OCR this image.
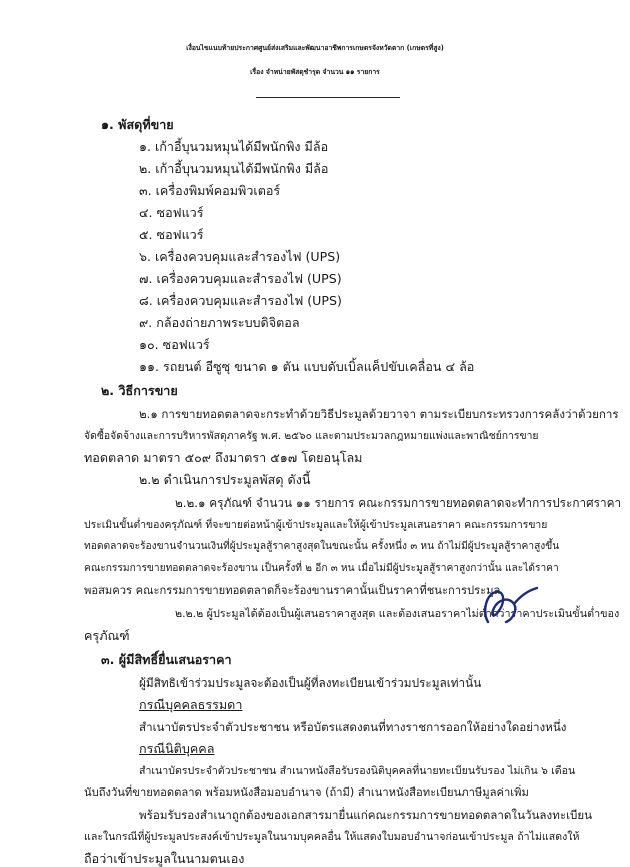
เงื่อนไขแนบท้ายประกาศศูนย์ส่งเสริมและพัฒนาอาชีพการเกษตรจังหวัดตาก (เกษตรที่สูง)
เรื่อง จำหน่ายพัสดุชำรุด จำนวน ๑๑ รายการ
๑. พัสดุที่ขาย
๑. เก้าอี้บุนวมหมุนได้มีพนักพิง มีล้อ
๒. เก้าอี้บุนวมหมุนได้มีพนักพิง มีล้อ
๓. เครื่องพิมพ์คอมพิวเตอร์
๔. ซอฟแวร์
๕. ซอฟแวร์
๖. เครื่องควบคุมและสำรองไฟ (UPS)
๗. เครื่องควบคุมและสำรองไฟ (UPS)
๘. เครื่องควบคุมและสำรองไฟ (UPS)
๙. กล้องถ่ายภาพระบบดิจิตอล
๑๐. ซอฟแวร์
๑๑. รถยนต์ อีซูซุ ขนาด ๑ ตัน แบบดับเบิ้ลแค็ปขับเคลื่อน ๔ ล้อ
๒. วิธีการขาย
๒.๑ การขายทอดตลาดจะกระทำด้วยวิธีประมูลด้วยวาจา ตามระเบียบกระทรวงการคลังว่าด้วยการ
จัดซื้อจัดจ้างและการบริหารพัสดุภาครัฐ พ.ศ. ๒๕๖๐ และตามประมวลกฎหมายแพ่งและพาณิชย์การขาย
ทอดตลาด มาตรา ๕๐๙ ถึงมาตรา ๕๑๗ โดยอนุโลม
๒.๒ ดำเนินการประมูลพัสดุ ดังนี้
๒.๒.๑ ครุภัณฑ์ จำนวน ๑๑ รายการ คณะกรรมการขายทอดตลาดจะทำการประกาศราคา
ประเมินขั้นต่ำของครุภัณฑ์ ที่จะขายต่อหน้าผู้เข้าประมูลและให้ผู้เข้าประมูลเสนอราคา คณะกรรมการขาย
ทอดตลาดจะร้องขานจำนวนเงินที่ผู้ประมูลสู้ราคาสูงสุดในขณะนั้น ครั้งหนึ่ง ๓ หน ถ้าไม่มีผู้ประมูลสู้ราคาสูงขึ้น
คณะกรรมการขายทอดตลาดจะร้องขาน เป็นครั้งที่ ๒ อีก ๓ หน เมื่อไม่มีผู้ประมูลสู้ราคาสูงกว่านั้น และได้ราคา
พอสมควร คณะกรรมการขายทอดตลาดก็จะร้องขานราคานั้นเป็นราคาที่ชนะการประมูล
๒.๒.๒ ผู้ประมูลได้ต้องเป็นผู้เสนอราคาสูงสุด และต้องเสนอราคาไม่ต่ำกว่าราคาประเมินขั้นต่ำของ
ครุภัณฑ์
๓. ผู้มีสิทธิ์ยื่นเสนอราคา
ผู้มีสิทธิเข้าร่วมประมูลจะต้องเป็นผู้ที่ลงทะเบียนเข้าร่วมประมูลเท่านั้น
กรณีบุคคลธรรมดา
สำเนาบัตรประจำตัวประชาชน หรือบัตรแสดงตนที่ทางราชการออกให้อย่างใดอย่างหนึ่ง
กรณีนิติบุคคล
สำเนาบัตรประจำตัวประชาชน สำเนาหนังสือรับรองนิติบุคคลที่นายทะเบียนรับรอง ไม่เกิน ๖ เดือน
นับถึงวันที่ขายทอดตลาด พร้อมหนังสือมอบอำนาจ (ถ้ามี) สำเนาหนังสือทะเบียนภาษีมูลค่าเพิ่ม
พร้อมรับรองสำเนาถูกต้องของเอกสารมายื่นแก่คณะกรรมการขายทอดตลาดในวันลงทะเบียน
และในกรณีที่ผู้ประมูลประสงค์เข้าประมูลในนามบุคคลอื่น ให้แสดงใบมอบอำนาจก่อนเข้าประมูล ถ้าไม่แสดงให้
ถือว่าเข้าประมูลในนามตนเอง
